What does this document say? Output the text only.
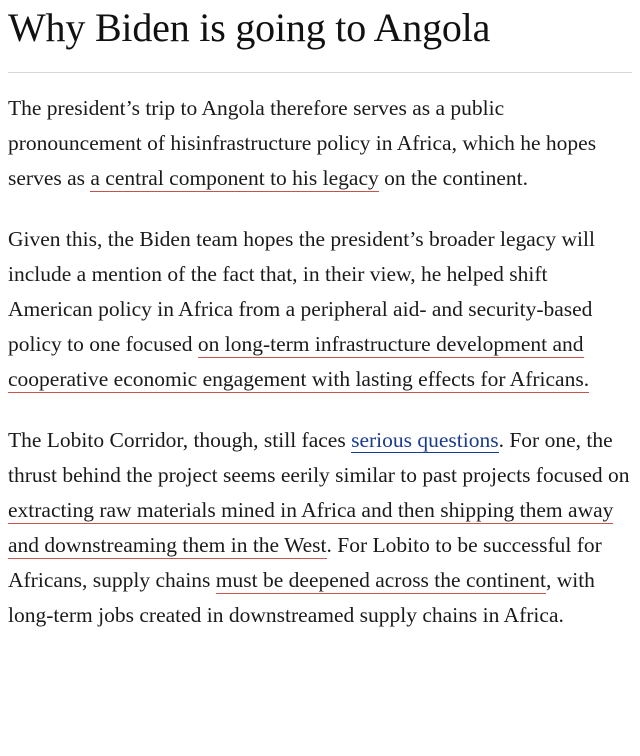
Why Biden is going to Angola

The president’s trip to Angola therefore serves as a public pronouncement of hisinfrastructure policy in Africa, which he hopes serves as a central component to his legacy on the continent.

Given this, the Biden team hopes the president’s broader legacy will include a mention of the fact that, in their view, he helped shift American policy in Africa from a peripheral aid- and security-based policy to one focused on long-term infrastructure development and cooperative economic engagement with lasting effects for Africans.

The Lobito Corridor, though, still faces serious questions. For one, the thrust behind the project seems eerily similar to past projects focused on extracting raw materials mined in Africa and then shipping them away and downstreaming them in the West. For Lobito to be successful for Africans, supply chains must be deepened across the continent, with long-term jobs created in downstreamed supply chains in Africa.
